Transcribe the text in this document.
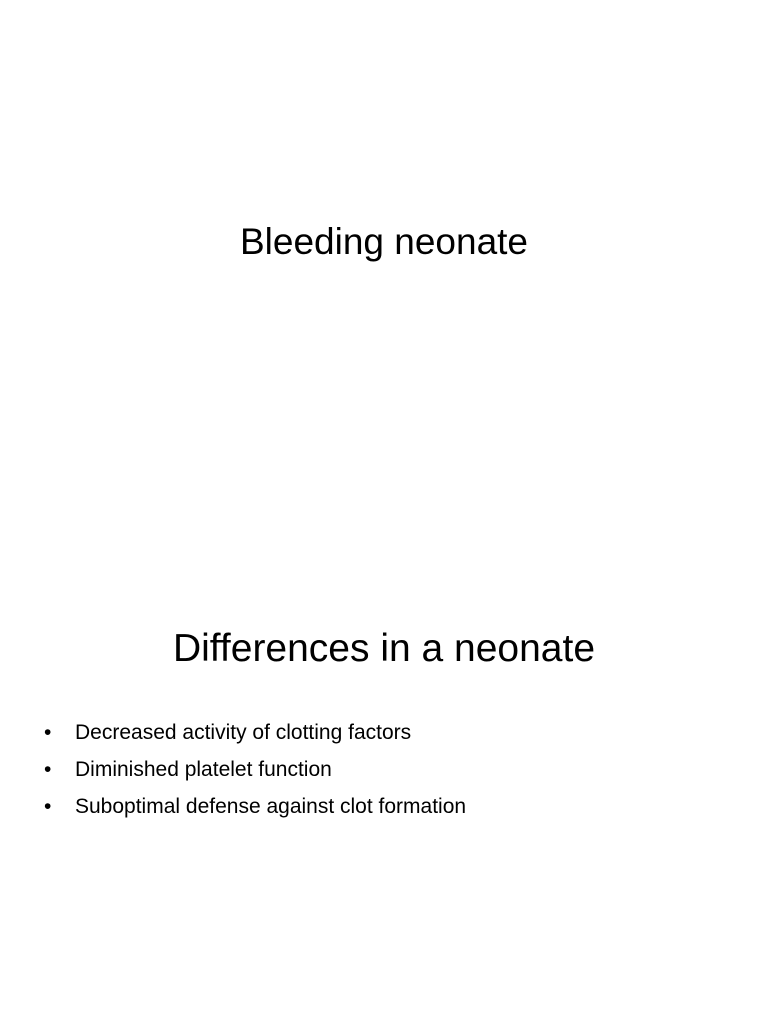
Bleeding neonate
Differences in a neonate
• Decreased activity of clotting factors
• Diminished platelet function
• Suboptimal defense against clot formation
